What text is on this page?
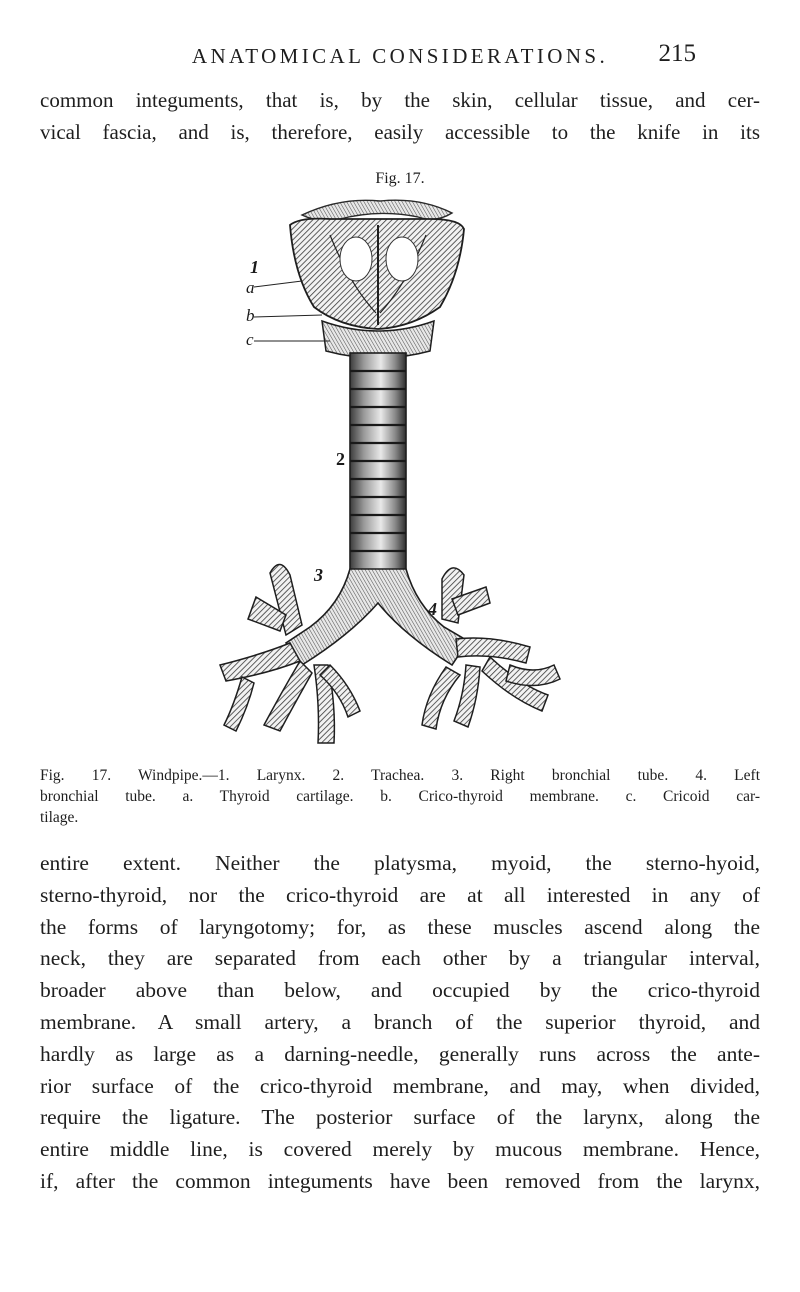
ANATOMICAL CONSIDERATIONS.	215
common integuments, that is, by the skin, cellular tissue, and cer-
vical fascia, and is, therefore, easily accessible to the knife in its
Fig. 17.
1
a
b
c
2
3
4
Fig. 17. Windpipe.—1. Larynx. 2. Trachea. 3. Right bronchial tube. 4. Left
bronchial tube. a. Thyroid cartilage. b. Crico-thyroid membrane. c. Cricoid car-
tilage.
entire extent. Neither the platysma, myoid, the sterno-hyoid,
sterno-thyroid, nor the crico-thyroid are at all interested in any of
the forms of laryngotomy; for, as these muscles ascend along the
neck, they are separated from each other by a triangular interval,
broader above than below, and occupied by the crico-thyroid
membrane. A small artery, a branch of the superior thyroid, and
hardly as large as a darning-needle, generally runs across the ante-
rior surface of the crico-thyroid membrane, and may, when divided,
require the ligature. The posterior surface of the larynx, along the
entire middle line, is covered merely by mucous membrane. Hence,
if, after the common integuments have been removed from the larynx,
